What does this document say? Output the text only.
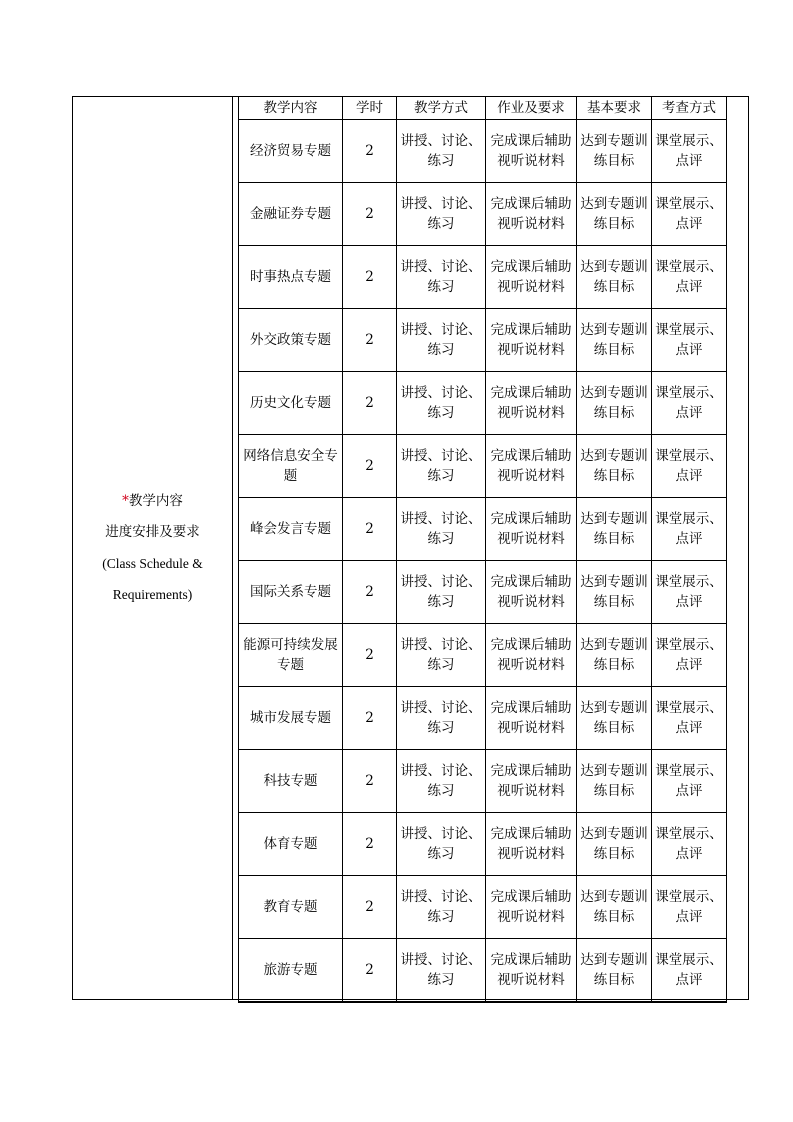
*教学内容
进度安排及要求
(Class Schedule &
Requirements)
教学内容	学时	教学方式	作业及要求	基本要求	考查方式
经济贸易专题	2	讲授、讨论、练习	完成课后辅助视听说材料	达到专题训练目标	课堂展示、点评
金融证券专题	2	讲授、讨论、练习	完成课后辅助视听说材料	达到专题训练目标	课堂展示、点评
时事热点专题	2	讲授、讨论、练习	完成课后辅助视听说材料	达到专题训练目标	课堂展示、点评
外交政策专题	2	讲授、讨论、练习	完成课后辅助视听说材料	达到专题训练目标	课堂展示、点评
历史文化专题	2	讲授、讨论、练习	完成课后辅助视听说材料	达到专题训练目标	课堂展示、点评
网络信息安全专题	2	讲授、讨论、练习	完成课后辅助视听说材料	达到专题训练目标	课堂展示、点评
峰会发言专题	2	讲授、讨论、练习	完成课后辅助视听说材料	达到专题训练目标	课堂展示、点评
国际关系专题	2	讲授、讨论、练习	完成课后辅助视听说材料	达到专题训练目标	课堂展示、点评
能源可持续发展专题	2	讲授、讨论、练习	完成课后辅助视听说材料	达到专题训练目标	课堂展示、点评
城市发展专题	2	讲授、讨论、练习	完成课后辅助视听说材料	达到专题训练目标	课堂展示、点评
科技专题	2	讲授、讨论、练习	完成课后辅助视听说材料	达到专题训练目标	课堂展示、点评
体育专题	2	讲授、讨论、练习	完成课后辅助视听说材料	达到专题训练目标	课堂展示、点评
教育专题	2	讲授、讨论、练习	完成课后辅助视听说材料	达到专题训练目标	课堂展示、点评
旅游专题	2	讲授、讨论、练习	完成课后辅助视听说材料	达到专题训练目标	课堂展示、点评
